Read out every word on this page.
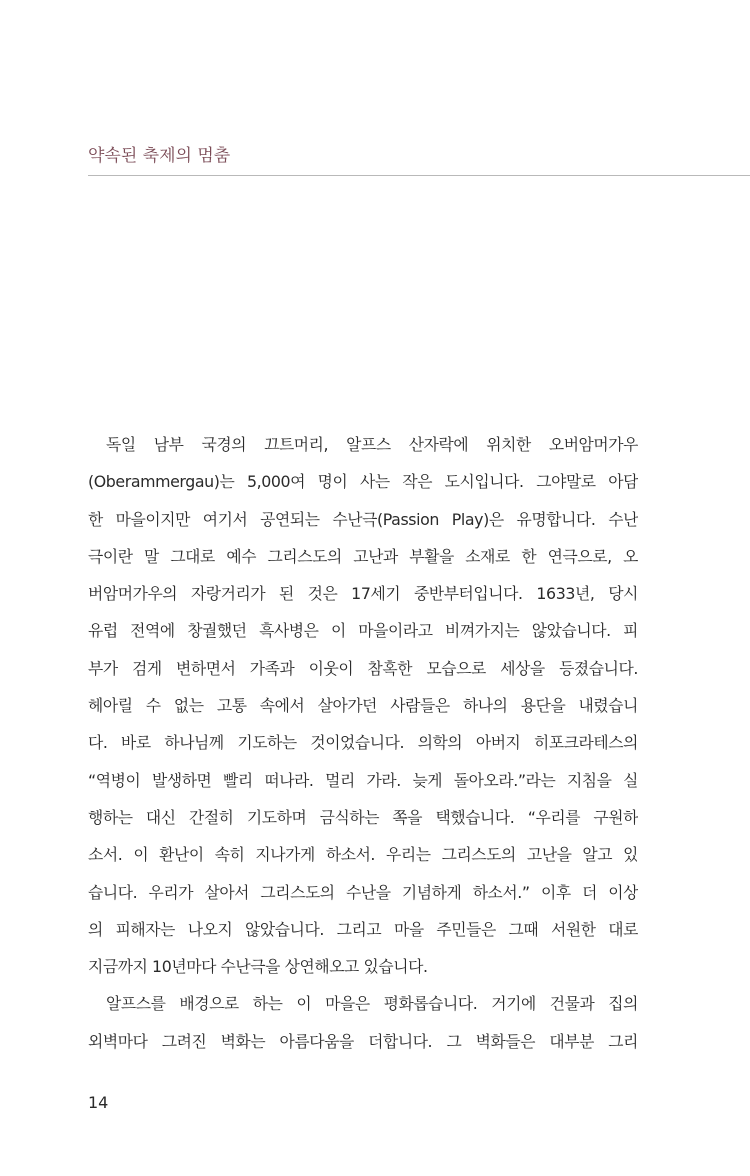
약속된 축제의 멈춤
독일 남부 국경의 끄트머리, 알프스 산자락에 위치한 오버암머가우
(Oberammergau)는 5,000여 명이 사는 작은 도시입니다. 그야말로 아담
한 마을이지만 여기서 공연되는 수난극(Passion Play)은 유명합니다. 수난
극이란 말 그대로 예수 그리스도의 고난과 부활을 소재로 한 연극으로, 오
버암머가우의 자랑거리가 된 것은 17세기 중반부터입니다. 1633년, 당시
유럽 전역에 창궐했던 흑사병은 이 마을이라고 비껴가지는 않았습니다. 피
부가 검게 변하면서 가족과 이웃이 참혹한 모습으로 세상을 등졌습니다.
헤아릴 수 없는 고통 속에서 살아가던 사람들은 하나의 용단을 내렸습니
다. 바로 하나님께 기도하는 것이었습니다. 의학의 아버지 히포크라테스의
“역병이 발생하면 빨리 떠나라. 멀리 가라. 늦게 돌아오라.”라는 지침을 실
행하는 대신 간절히 기도하며 금식하는 쪽을 택했습니다. “우리를 구원하
소서. 이 환난이 속히 지나가게 하소서. 우리는 그리스도의 고난을 알고 있
습니다. 우리가 살아서 그리스도의 수난을 기념하게 하소서.” 이후 더 이상
의 피해자는 나오지 않았습니다. 그리고 마을 주민들은 그때 서원한 대로
지금까지 10년마다 수난극을 상연해오고 있습니다.
알프스를 배경으로 하는 이 마을은 평화롭습니다. 거기에 건물과 집의
외벽마다 그려진 벽화는 아름다움을 더합니다. 그 벽화들은 대부분 그리
14
